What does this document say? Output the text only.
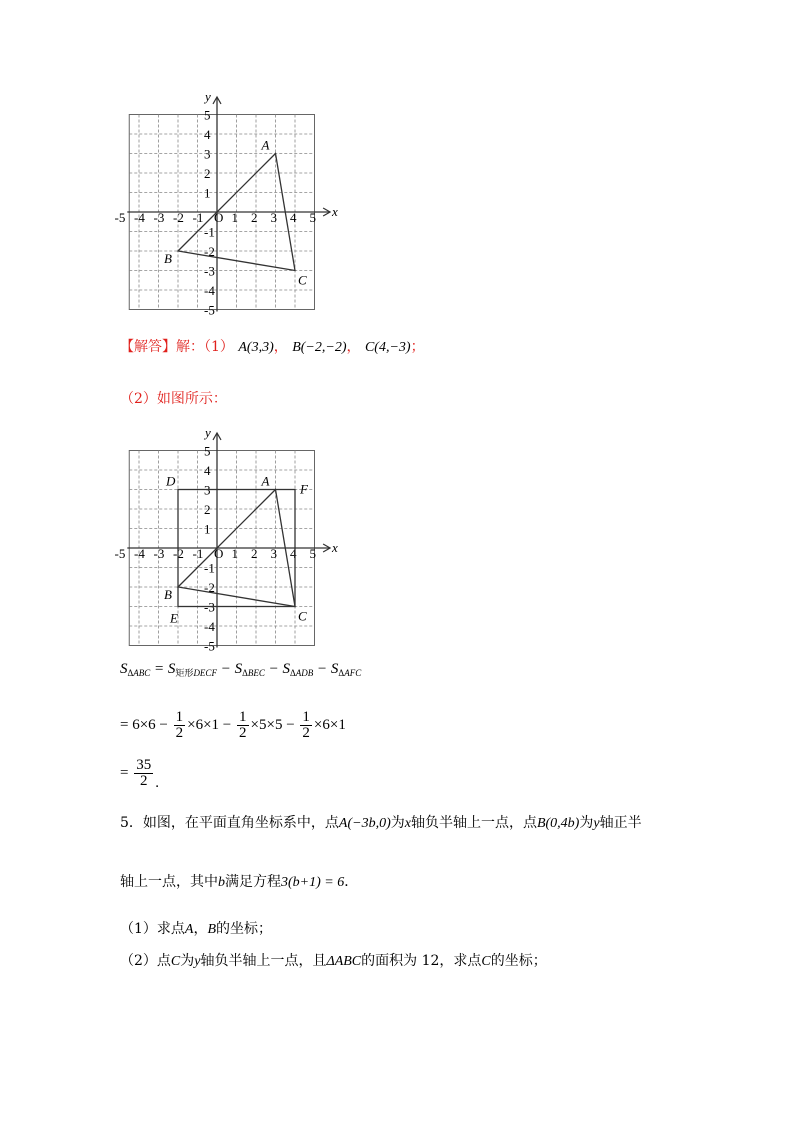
x
y
-5 -4 -3 -2 -1 1 2 3 4 5
O
5
4
3
2
1
-1
-2
-3
-4
-5
A
B
C
【解答】解：（1） A(3,3)， B(−2,−2)， C(4,−3)；
（2）如图所示：
x
y
-5 -4 -3 -2 -1 1 2 3 4 5
O
5
4
3
2
1
-1
-2
-3
-4
-5
A
B
C
D
E
F
$S_{\Delta ABC} = S_{矩形DECF} - S_{\Delta BEC} - S_{\Delta ADB} - S_{\Delta AFC}$
= $6\times 6 - \frac{1}{2} \times 6\times 1 - \frac{1}{2} \times 5\times 5 - \frac{1}{2} \times 6\times 1$
= $\frac{35}{2}$ .
5．如图，在平面直角坐标系中，点A(−3b,0)为x轴负半轴上一点，点B(0,4b)为y轴正半
轴上一点，其中b满足方程3(b+1) = 6．
（1）求点A，B的坐标；
（2）点C为y轴负半轴上一点，且ΔABC的面积为 12，求点C的坐标；
